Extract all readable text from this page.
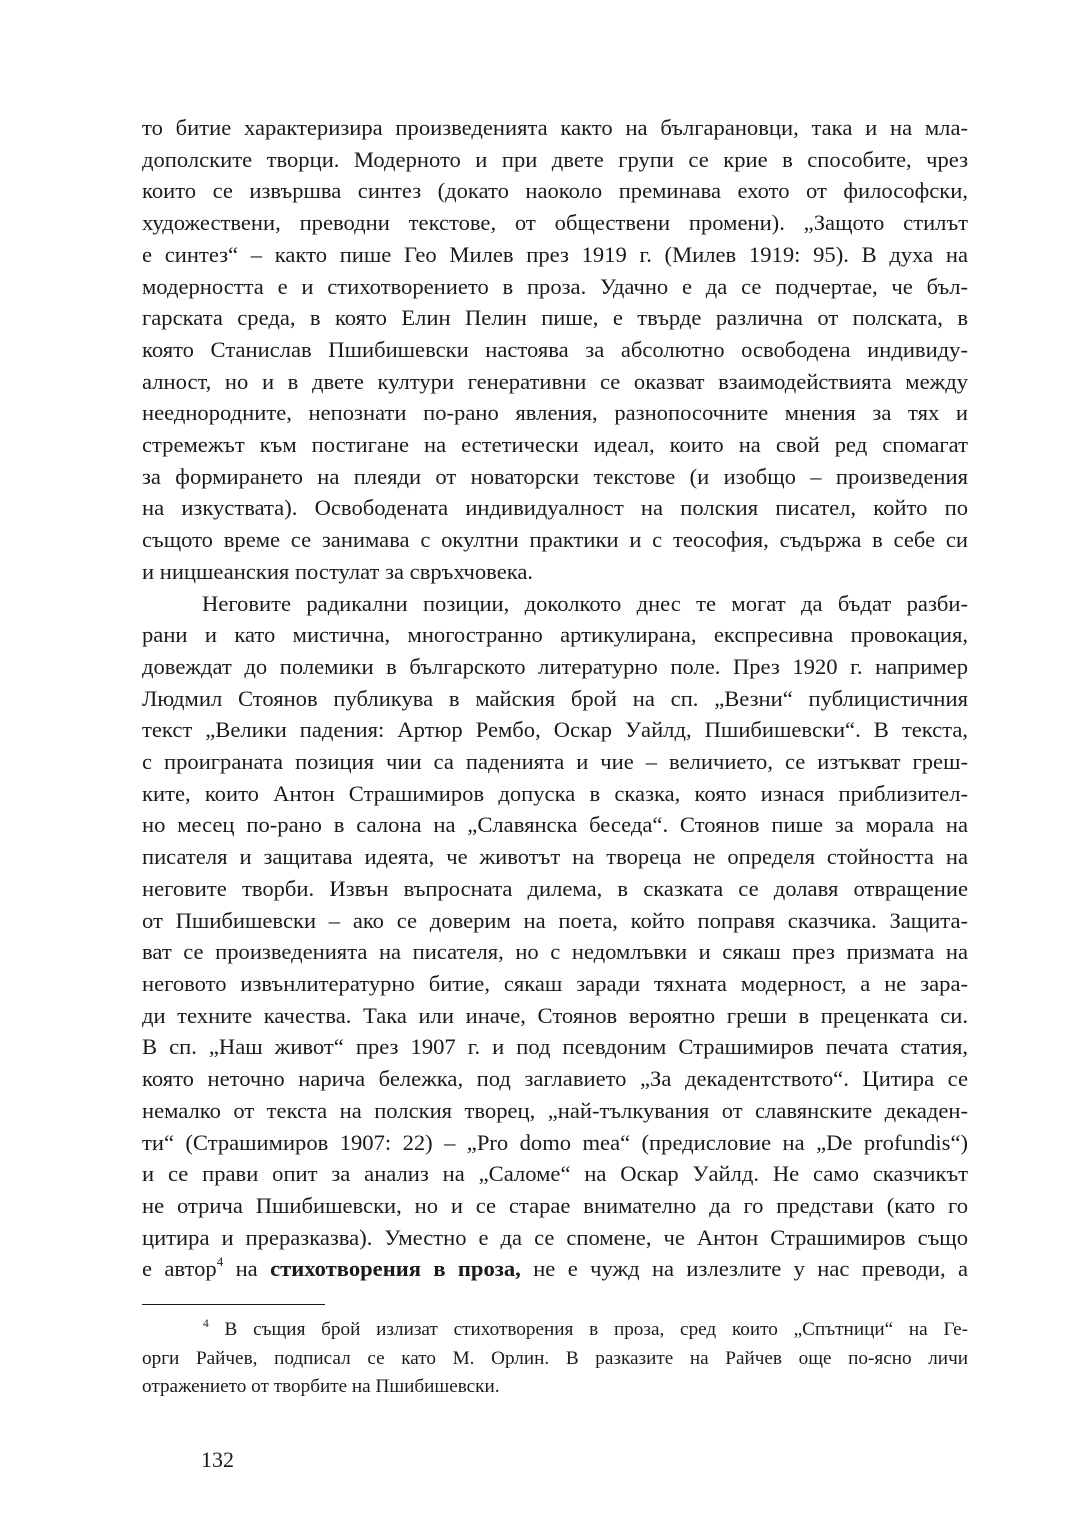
то битие характеризира произведенията както на българановци, така и на мла-
дополските творци. Модерното и при двете групи се крие в способите, чрез
които се извършва синтез (докато наоколо преминава ехото от философски,
художествени, преводни текстове, от обществени промени). „Защото стилът
е синтез“ – както пише Гео Милев през 1919 г. (Милев 1919: 95). В духа на
модерността е и стихотворението в проза. Удачно е да се подчертае, че бъл-
гарската среда, в която Елин Пелин пише, е твърде различна от полската, в
която Станислав Пшибишевски настоява за абсолютно освободена индивиду-
алност, но и в двете култури генеративни се оказват взаимодействията между
нееднородните, непознати по-рано явления, разнопосочните мнения за тях и
стремежът към постигане на естетически идеал, които на свой ред спомагат
за формирането на плеяди от новаторски текстове (и изобщо – произведения
на изкуствата). Освободената индивидуалност на полския писател, който по
същото време се занимава с окултни практики и с теософия, съдържа в себе си
и ницшеанския постулат за свръхчовека.

Неговите радикални позиции, доколкото днес те могат да бъдат разби-
рани и като мистична, многостранно артикулирана, експресивна провокация,
довеждат до полемики в българското литературно поле. През 1920 г. например
Людмил Стоянов публикува в майския брой на сп. „Везни“ публицистичния
текст „Велики падения: Артюр Рембо, Оскар Уайлд, Пшибишевски“. В текста,
с проиграната позиция чии са паденията и чие – величието, се изтъкват греш-
ките, които Антон Страшимиров допуска в сказка, която изнася приблизител-
но месец по-рано в салона на „Славянска беседа“. Стоянов пише за морала на
писателя и защитава идеята, че животът на твореца не определя стойността на
неговите творби. Извън въпросната дилема, в сказката се долавя отвращение
от Пшибишевски – ако се доверим на поета, който поправя сказчика. Защита-
ват се произведенията на писателя, но с недомлъвки и сякаш през призмата на
неговото извънлитературно битие, сякаш заради тяхната модерност, а не зара-
ди техните качества. Така или иначе, Стоянов вероятно греши в преценката си.
В сп. „Наш живот“ през 1907 г. и под псевдоним Страшимиров печата статия,
която неточно нарича бележка, под заглавието „За декадентството“. Цитира се
немалко от текста на полския творец, „най-тълкувания от славянските декаден-
ти“ (Страшимиров 1907: 22) – „Pro domo mea“ (предисловие на „De profundis“)
и се прави опит за анализ на „Саломе“ на Оскар Уайлд. Не само сказчикът
не отрича Пшибишевски, но и се старае внимателно да го представи (като го
цитира и преразказва). Уместно е да се спомене, че Антон Страшимиров също
е автор$^4$ на стихотворения в проза, не е чужд на излезлите у нас преводи, а

$^4$ В същия брой излизат стихотворения в проза, сред които „Спътници“ на Ге-
орги Райчев, подписал се като М. Орлин. В разказите на Райчев още по-ясно личи
отражението от творбите на Пшибишевски.
132
